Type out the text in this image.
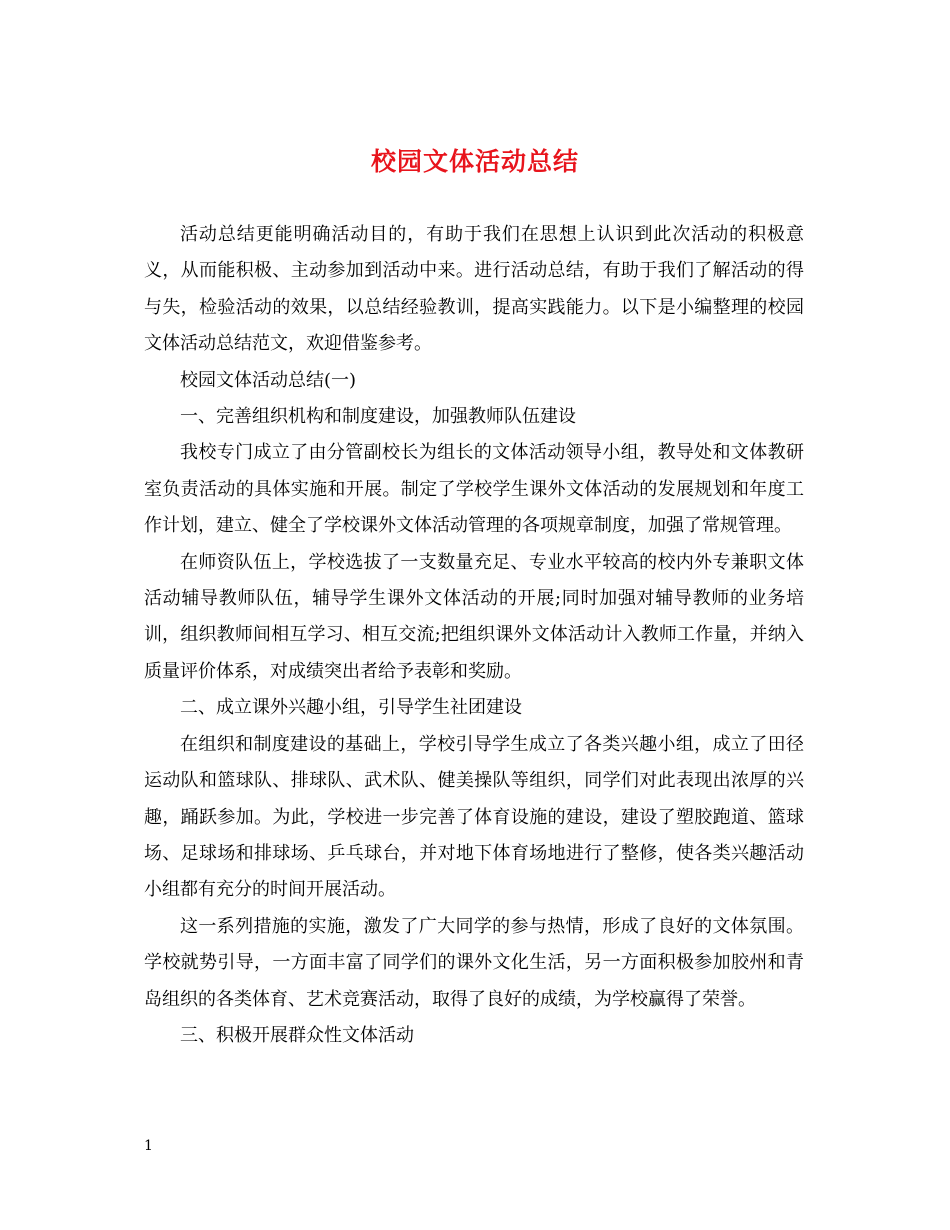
校园文体活动总结

活动总结更能明确活动目的，有助于我们在思想上认识到此次活动的积极意义，从而能积极、主动参加到活动中来。进行活动总结，有助于我们了解活动的得与失，检验活动的效果，以总结经验教训，提高实践能力。以下是小编整理的校园文体活动总结范文，欢迎借鉴参考。

校园文体活动总结(一)

一、完善组织机构和制度建设，加强教师队伍建设

我校专门成立了由分管副校长为组长的文体活动领导小组，教导处和文体教研室负责活动的具体实施和开展。制定了学校学生课外文体活动的发展规划和年度工作计划，建立、健全了学校课外文体活动管理的各项规章制度，加强了常规管理。

在师资队伍上，学校选拔了一支数量充足、专业水平较高的校内外专兼职文体活动辅导教师队伍，辅导学生课外文体活动的开展;同时加强对辅导教师的业务培训，组织教师间相互学习、相互交流;把组织课外文体活动计入教师工作量，并纳入质量评价体系，对成绩突出者给予表彰和奖励。

二、成立课外兴趣小组，引导学生社团建设

在组织和制度建设的基础上，学校引导学生成立了各类兴趣小组，成立了田径运动队和篮球队、排球队、武术队、健美操队等组织，同学们对此表现出浓厚的兴趣，踊跃参加。为此，学校进一步完善了体育设施的建设，建设了塑胶跑道、篮球场、足球场和排球场、乒乓球台，并对地下体育场地进行了整修，使各类兴趣活动小组都有充分的时间开展活动。

这一系列措施的实施，激发了广大同学的参与热情，形成了良好的文体氛围。学校就势引导，一方面丰富了同学们的课外文化生活，另一方面积极参加胶州和青岛组织的各类体育、艺术竞赛活动，取得了良好的成绩，为学校赢得了荣誉。

三、积极开展群众性文体活动

1
